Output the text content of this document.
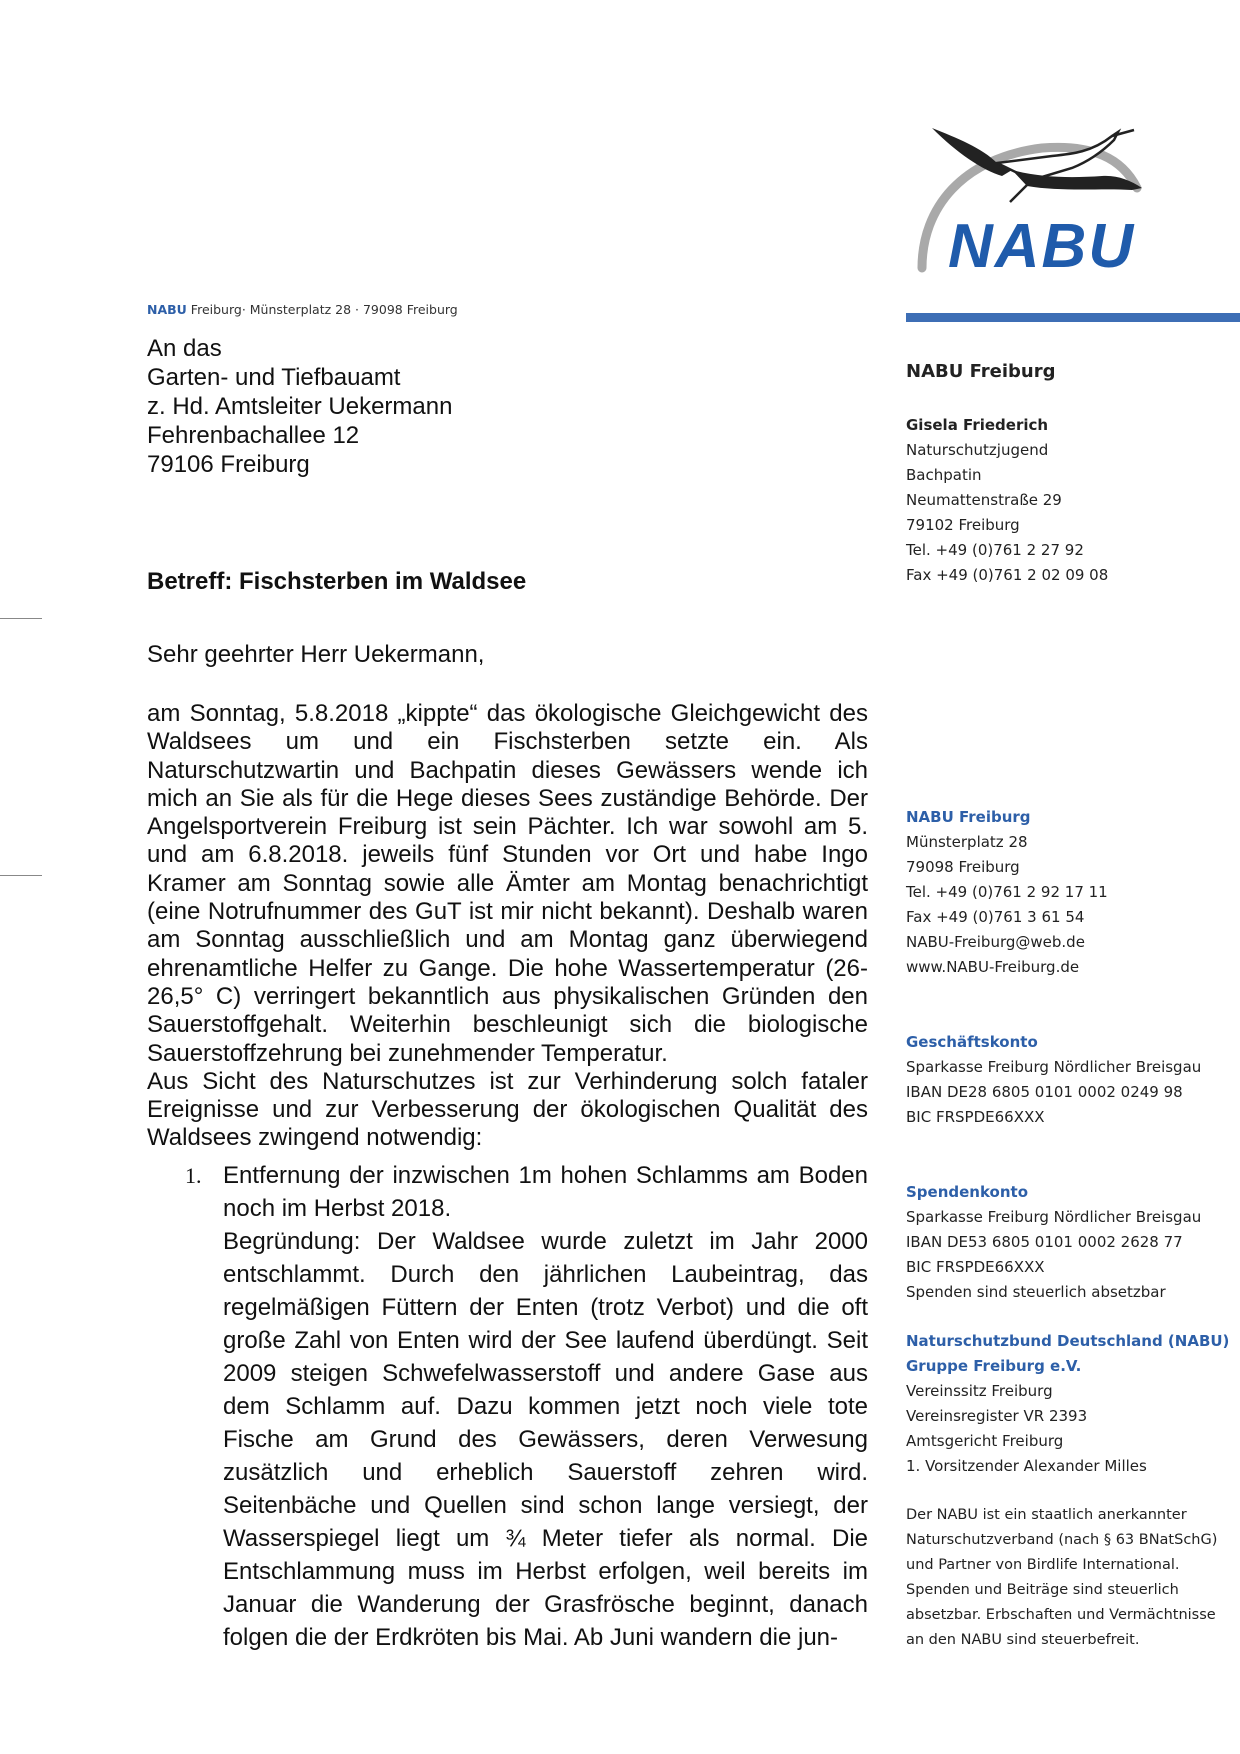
NABU
NABU Freiburg· Münsterplatz 28 · 79098 Freiburg
An das
Garten- und Tiefbauamt
z. Hd. Amtsleiter Uekermann
Fehrenbachallee 12
79106 Freiburg
Betreff: Fischsterben im Waldsee
Sehr geehrter Herr Uekermann,

am Sonntag, 5.8.2018 „kippte“ das ökologische Gleichgewicht des Waldsees um und ein Fischsterben setzte ein. Als Naturschutzwartin und Bachpatin dieses Gewässers wende ich mich an Sie als für die Hege dieses Sees zuständige Behörde. Der Angelsportverein Freiburg ist sein Pächter. Ich war sowohl am 5. und am 6.8.2018. jeweils fünf Stunden vor Ort und habe Ingo Kramer am Sonntag sowie alle Ämter am Montag benachrichtigt (eine Notrufnummer des GuT ist mir nicht bekannt). Deshalb waren am Sonntag ausschließlich und am Montag ganz überwiegend ehrenamtliche Helfer zu Gange. Die hohe Wassertemperatur (26-26,5° C) verringert bekanntlich aus physikalischen Gründen den Sauerstoffgehalt. Weiterhin beschleunigt sich die biologische Sauerstoffzehrung bei zunehmender Temperatur.

Aus Sicht des Naturschutzes ist zur Verhinderung solch fataler Ereignisse und zur Verbesserung der ökologischen Qualität des Waldsees zwingend notwendig:

1. Entfernung der inzwischen 1m hohen Schlamms am Boden noch im Herbst 2018.

Begründung: Der Waldsee wurde zuletzt im Jahr 2000 entschlammt. Durch den jährlichen Laubeintrag, das regelmäßigen Füttern der Enten (trotz Verbot) und die oft große Zahl von Enten wird der See laufend überdüngt. Seit 2009 steigen Schwefelwasserstoff und andere Gase aus dem Schlamm auf. Dazu kommen jetzt noch viele tote Fische am Grund des Gewässers, deren Verwesung zusätzlich und erheblich Sauerstoff zehren wird. Seitenbäche und Quellen sind schon lange versiegt, der Wasserspiegel liegt um ¾ Meter tiefer als normal. Die Entschlammung muss im Herbst erfolgen, weil bereits im Januar die Wanderung der Grasfrösche beginnt, danach folgen die der Erdkröten bis Mai. Ab Juni wandern die jun-

NABU Freiburg
Gisela Friederich
Naturschutzjugend
Bachpatin
Neumattenstraße 29
79102 Freiburg
Tel. +49 (0)761 2 27 92
Fax +49 (0)761 2 02 09 08
NABU Freiburg
Münsterplatz 28
79098 Freiburg
Tel. +49 (0)761 2 92 17 11
Fax +49 (0)761 3 61 54
NABU-Freiburg@web.de
www.NABU-Freiburg.de
Geschäftskonto
Sparkasse Freiburg Nördlicher Breisgau
IBAN DE28 6805 0101 0002 0249 98
BIC FRSPDE66XXX
Spendenkonto
Sparkasse Freiburg Nördlicher Breisgau
IBAN DE53 6805 0101 0002 2628 77
BIC FRSPDE66XXX
Spenden sind steuerlich absetzbar
Naturschutzbund Deutschland (NABU)
Gruppe Freiburg e.V.
Vereinssitz Freiburg
Vereinsregister VR 2393
Amtsgericht Freiburg
1. Vorsitzender Alexander Milles
Der NABU ist ein staatlich anerkannter
Naturschutzverband (nach § 63 BNatSchG)
und Partner von Birdlife International.
Spenden und Beiträge sind steuerlich
absetzbar. Erbschaften und Vermächtnisse
an den NABU sind steuerbefreit.
